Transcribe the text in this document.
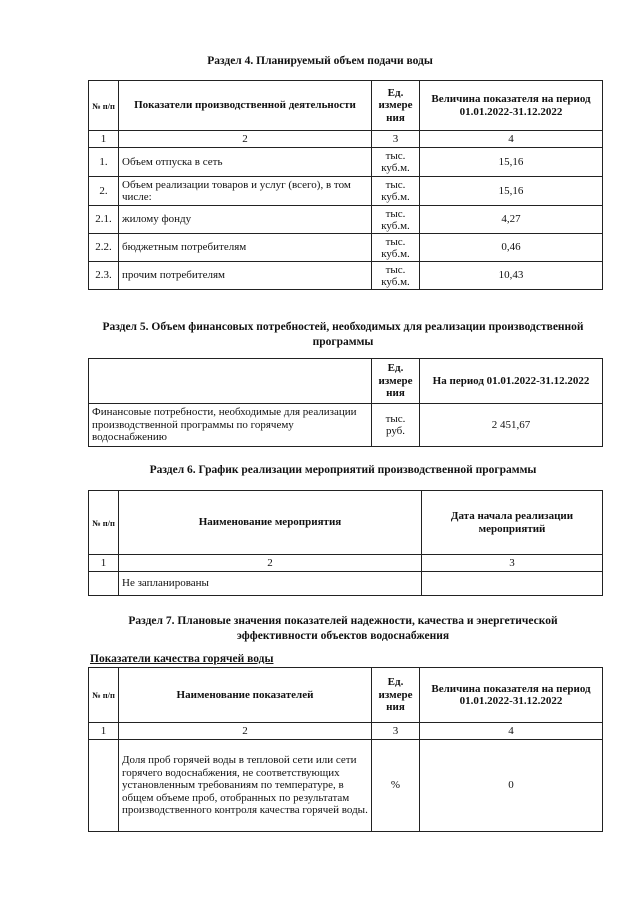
Раздел 4. Планируемый объем подачи воды
№ п/п	Показатели производственной деятельности	Ед. измере ния	Величина показателя на период 01.01.2022-31.12.2022
1	2	3	4
1.	Объем отпуска в сеть	тыс. куб.м.	15,16
2.	Объем реализации товаров и услуг (всего), в том числе:	тыс. куб.м.	15,16
2.1.	жилому фонду	тыс. куб.м.	4,27
2.2.	бюджетным потребителям	тыс. куб.м.	0,46
2.3.	прочим потребителям	тыс. куб.м.	10,43
Раздел 5. Объем финансовых потребностей, необходимых для реализации производственной программы
	Ед. измере ния	На период 01.01.2022-31.12.2022
Финансовые потребности, необходимые для реализации производственной программы по горячему водоснабжению	тыс. руб.	2 451,67
Раздел 6. График реализации мероприятий производственной программы
№ п/п	Наименование мероприятия	Дата начала реализации мероприятий
1	2	3
	Не запланированы	
Раздел 7. Плановые значения показателей надежности, качества и энергетической эффективности объектов водоснабжения
Показатели качества горячей воды
№ п/п	Наименование показателей	Ед. измере ния	Величина показателя на период 01.01.2022-31.12.2022
1	2	3	4
	Доля проб горячей воды в тепловой сети или сети горячего водоснабжения, не соответствующих установленным требованиям по температуре, в общем объеме проб, отобранных по результатам производственного контроля качества горячей воды.	%	0
